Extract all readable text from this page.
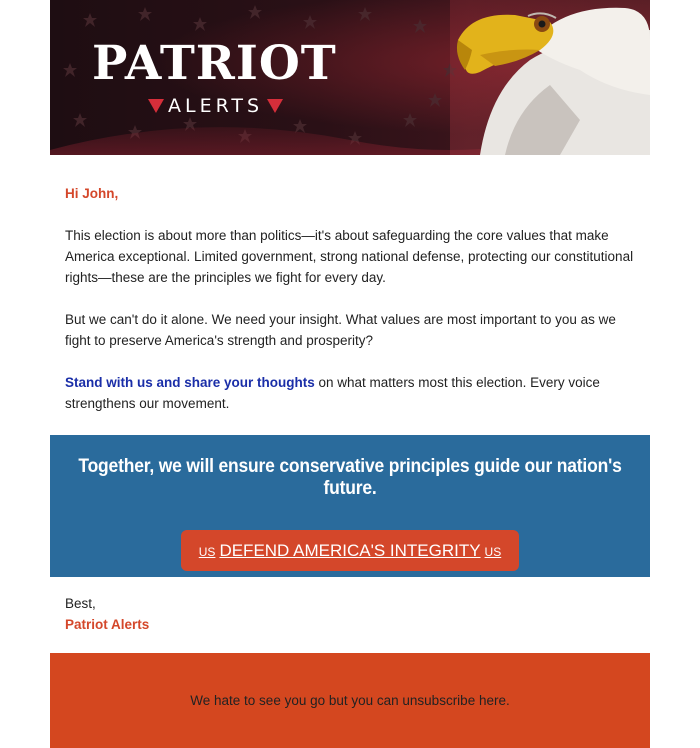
PATRIOT
ALERTS

Hi John,

This election is about more than politics—it's about safeguarding the core values that make America exceptional. Limited government, strong national defense, protecting our constitutional rights—these are the principles we fight for every day.

But we can't do it alone. We need your insight. What values are most important to you as we fight to preserve America's strength and prosperity?

Stand with us and share your thoughts on what matters most this election. Every voice strengthens our movement.

Together, we will ensure conservative principles guide our nation's future.

US DEFEND AMERICA'S INTEGRITY US
Best,
Patriot Alerts
We hate to see you go but you can unsubscribe here.
